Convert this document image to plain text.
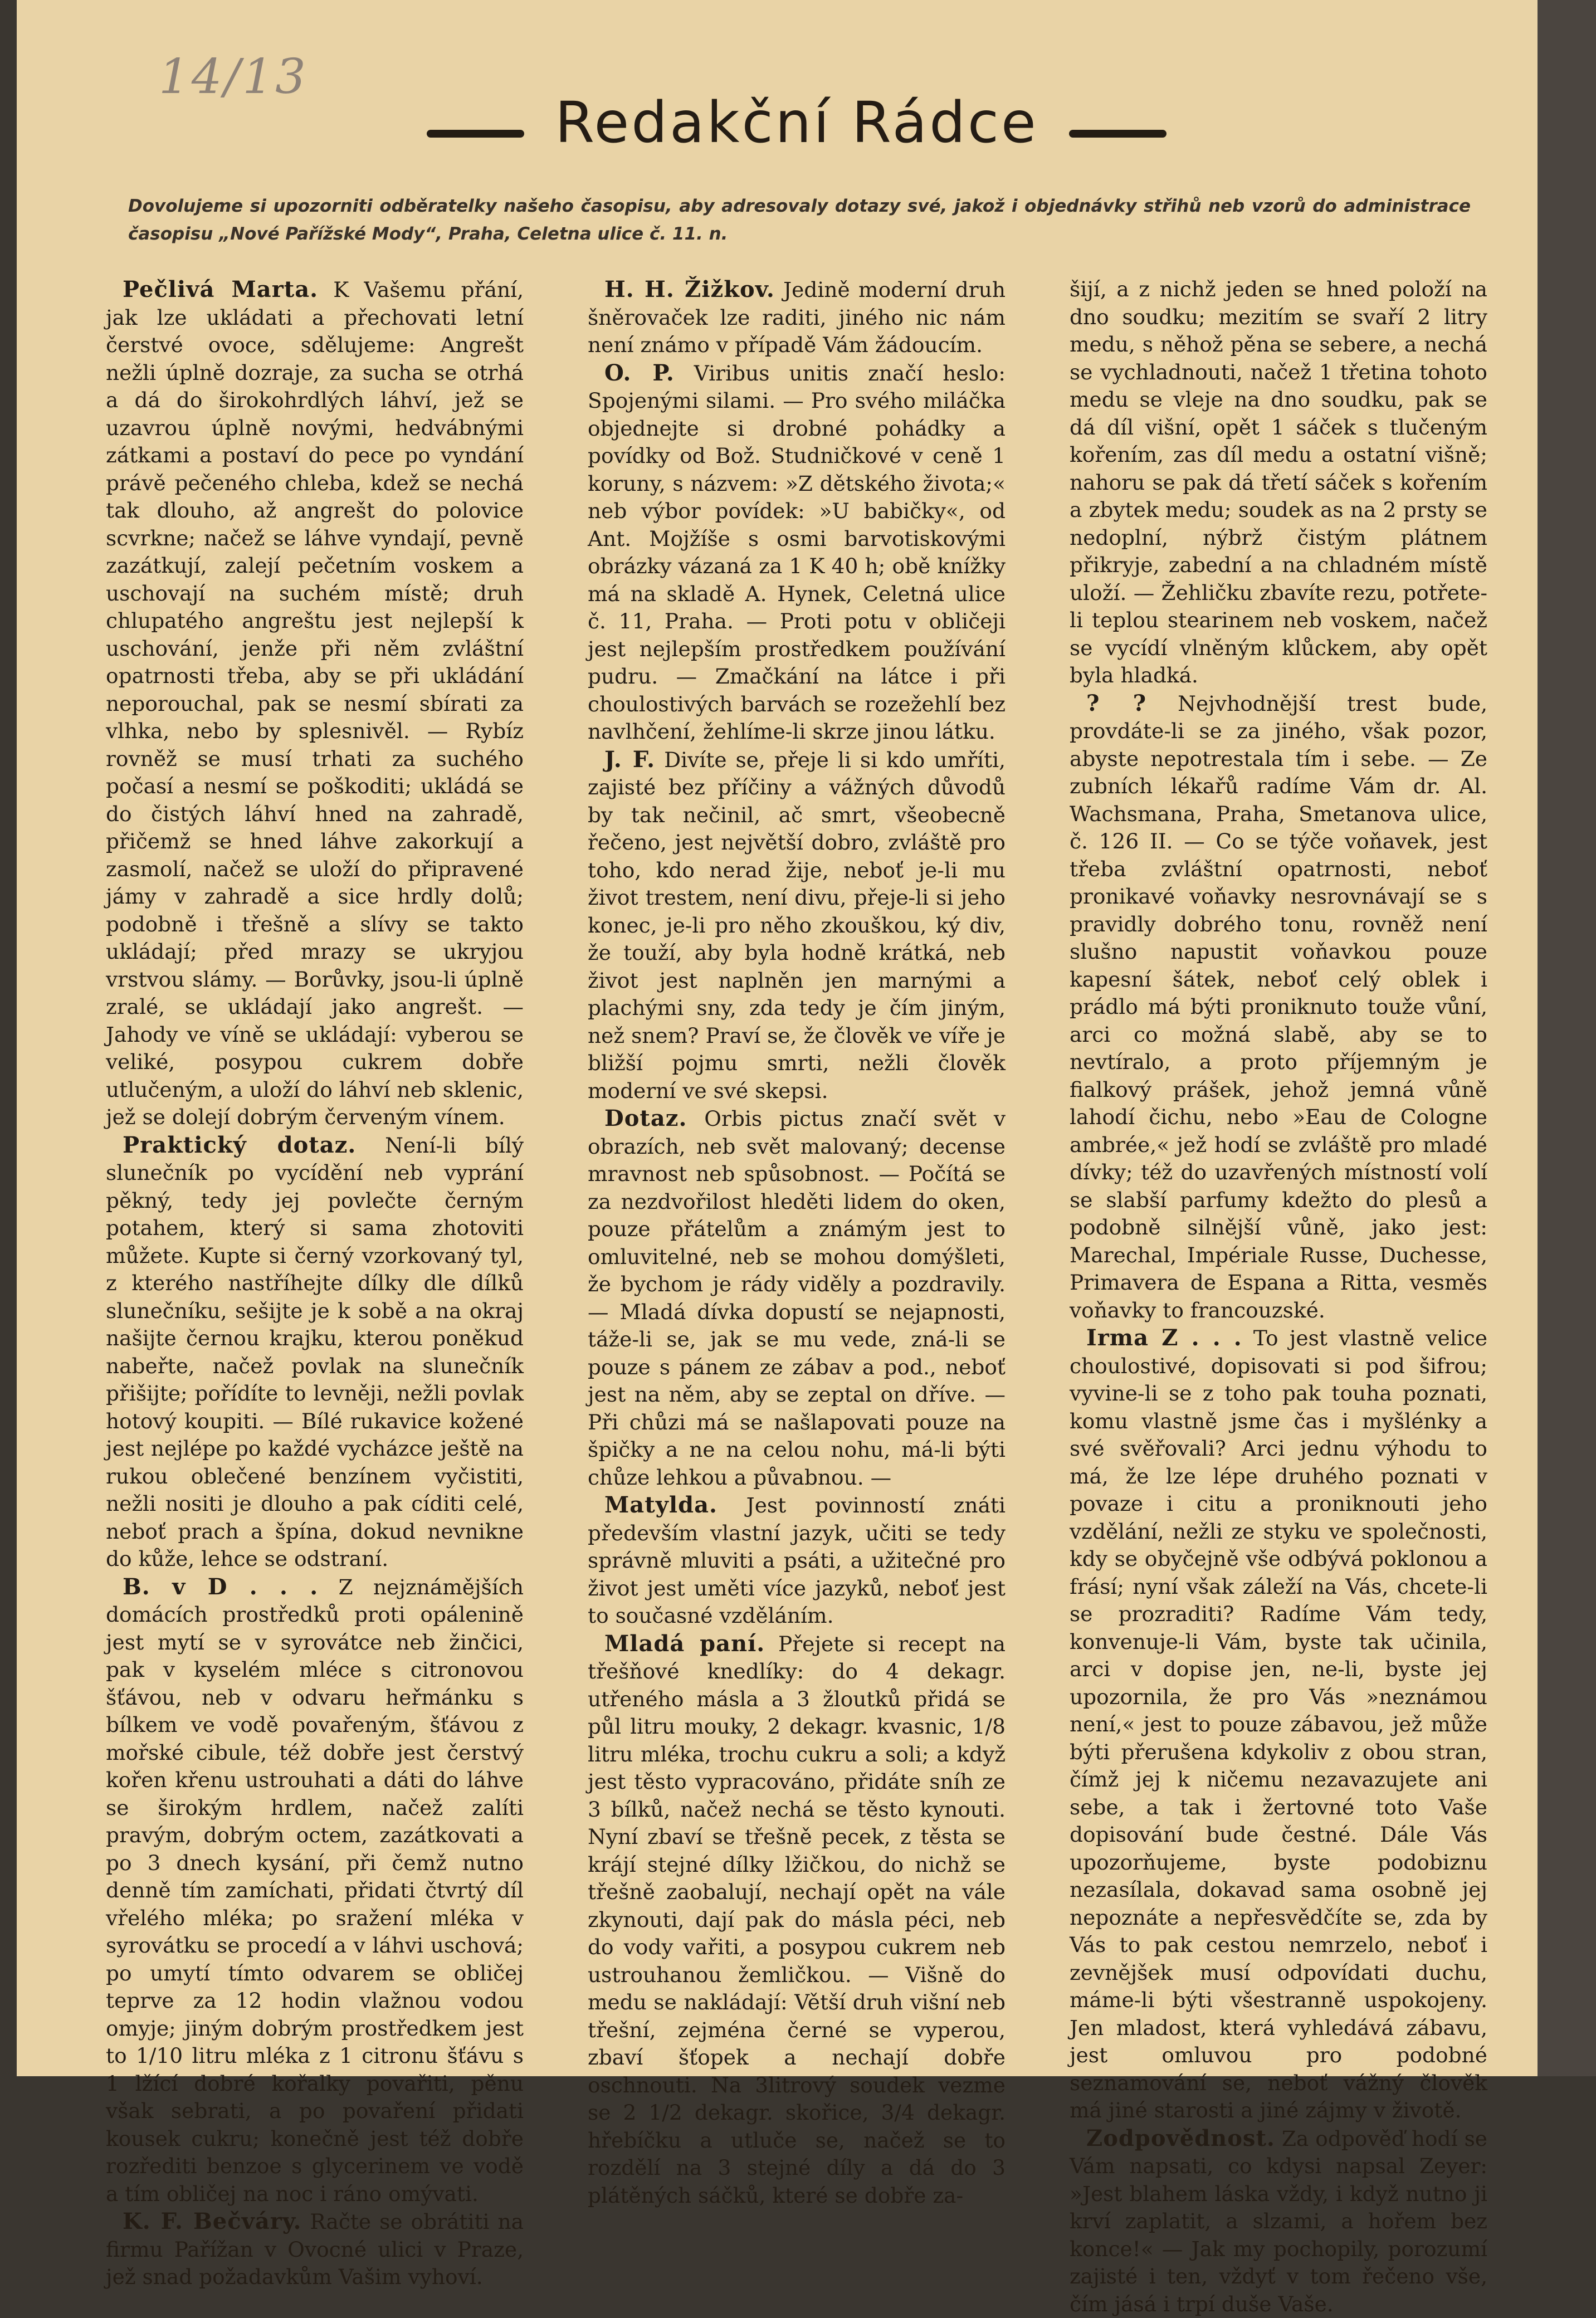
14/13
Redakční Rádce
Dovolujeme si upozorniti odběratelky našeho časopisu, aby adresovaly dotazy své, jakož i objednávky střihů neb vzorů do administrace časopisu „Nové Pařížské Mody“, Praha, Celetna ulice č. 11. n.

Pečlivá Marta. K Vašemu přání, jak lze ukládati a přechovati letní čerstvé ovoce, sdělujeme: Angrešt nežli úplně dozraje, za sucha se otrhá a dá do širokohrdlých láhví, jež se uzavrou úplně novými, hedvábnými zátkami a postaví do pece po vyndání právě pečeného chleba, kdež se nechá tak dlouho, až angrešt do polovice scvrkne; načež se láhve vyndají, pevně zazátkují, zalejí pečetním voskem a uschovají na suchém místě; druh chlupatého angreštu jest nejlepší k uschování, jenže při něm zvláštní opatrnosti třeba, aby se při ukládání neporouchal, pak se nesmí sbírati za vlhka, nebo by splesnivěl. — Rybíz rovněž se musí trhati za suchého počasí a nesmí se poškoditi; ukládá se do čistých láhví hned na zahradě, přičemž se hned láhve zakorkují a zasmolí, načež se uloží do připravené jámy v zahradě a sice hrdly dolů; podobně i třešně a slívy se takto ukládají; před mrazy se ukryjou vrstvou slámy. — Borůvky, jsou-li úplně zralé, se ukládají jako angrešt. — Jahody ve víně se ukládají: vyberou se veliké, posypou cukrem dobře utlučeným, a uloží do láhví neb sklenic, jež se dolejí dobrým červeným vínem.

Praktický dotaz. Není-li bílý slunečník po vycídění neb vyprání pěkný, tedy jej povlečte černým potahem, který si sama zhotoviti můžete. Kupte si černý vzorkovaný tyl, z kterého nastříhejte dílky dle dílků slunečníku, sešijte je k sobě a na okraj našijte černou krajku, kterou poněkud nabeřte, načež povlak na slunečník přišijte; pořídíte to levněji, nežli povlak hotový koupiti. — Bílé rukavice kožené jest nejlépe po každé vycházce ještě na rukou oblečené benzínem vyčistiti, nežli nositi je dlouho a pak cíditi celé, neboť prach a špína, dokud nevnikne do kůže, lehce se odstraní.

B. v D . . . Z nejznámějších domácích prostředků proti opálenině jest mytí se v syrovátce neb žinčici, pak v kyselém mléce s citronovou šťávou, neb v odvaru heřmánku s bílkem ve vodě povařeným, šťávou z mořské cibule, též dobře jest čerstvý kořen křenu ustrouhati a dáti do láhve se širokým hrdlem, načež zalíti pravým, dobrým octem, zazátkovati a po 3 dnech kysání, při čemž nutno denně tím zamíchati, přidati čtvrtý díl vřelého mléka; po sražení mléka v syrovátku se procedí a v láhvi uschová; po umytí tímto odvarem se obličej teprve za 12 hodin vlažnou vodou omyje; jiným dobrým prostředkem jest to 1/10 litru mléka z 1 citronu šťávu s 1 lžící dobré kořalky povařiti, pěnu však sebrati, a po povaření přidati kousek cukru; konečně jest též dobře rozřediti benzoe s glycerinem ve vodě a tím obličej na noc i ráno omývati.

K. F. Bečváry. Račte se obrátiti na firmu Pařížan v Ovocné ulici v Praze, jež snad požadavkům Vašim vyhoví.

H. H. Žižkov. Jedině moderní druh šněrovaček lze raditi, jiného nic nám není známo v případě Vám žádoucím.

O. P. Viribus unitis značí heslo: Spojenými silami. — Pro svého miláčka objednejte si drobné pohádky a povídky od Bož. Studničkové v ceně 1 koruny, s názvem: »Z dětského života;« neb výbor povídek: »U babičky«, od Ant. Mojžíše s osmi barvotiskovými obrázky vázaná za 1 K 40 h; obě knížky má na skladě A. Hynek, Celetná ulice č. 11, Praha. — Proti potu v obličeji jest nejlepším prostředkem používání pudru. — Zmačkání na látce i při choulostivých barvách se rozežehlí bez navlhčení, žehlíme-li skrze jinou látku.

J. F. Divíte se, přeje li si kdo umříti, zajisté bez příčiny a vážných důvodů by tak nečinil, ač smrt, všeobecně řečeno, jest největší dobro, zvláště pro toho, kdo nerad žije, neboť je-li mu život trestem, není divu, přeje-li si jeho konec, je-li pro něho zkouškou, ký div, že touží, aby byla hodně krátká, neb život jest naplněn jen marnými a plachými sny, zda tedy je čím jiným, než snem? Praví se, že člověk ve víře je bližší pojmu smrti, nežli člověk moderní ve své skepsi.

Dotaz. Orbis pictus značí svět v obrazích, neb svět malovaný; decense mravnost neb spůsobnost. — Počítá se za nezdvořilost hleděti lidem do oken, pouze přátelům a známým jest to omluvitelné, neb se mohou domýšleti, že bychom je rády viděly a pozdravily. — Mladá dívka dopustí se nejapnosti, táže-li se, jak se mu vede, zná-li se pouze s pánem ze zábav a pod., neboť jest na něm, aby se zeptal on dříve. — Při chůzi má se našlapovati pouze na špičky a ne na celou nohu, má-li býti chůze lehkou a půvabnou. —

Matylda. Jest povinností znáti především vlastní jazyk, učiti se tedy správně mluviti a psáti, a užitečné pro život jest uměti více jazyků, neboť jest to současné vzděláním.

Mladá paní. Přejete si recept na třešňové knedlíky: do 4 dekagr. utřeného másla a 3 žloutků přidá se půl litru mouky, 2 dekagr. kvasnic, 1/8 litru mléka, trochu cukru a soli; a když jest těsto vypracováno, přidáte sníh ze 3 bílků, načež nechá se těsto kynouti. Nyní zbaví se třešně pecek, z těsta se krájí stejné dílky lžičkou, do nichž se třešně zaobalují, nechají opět na vále zkynouti, dají pak do másla péci, neb do vody vařiti, a posypou cukrem neb ustrouhanou žemličkou. — Višně do medu se nakládají: Větší druh višní neb třešní, zejména černé se vyperou, zbaví šťopek a nechají dobře oschnouti. Na 3litrový soudek vezme se 2 1/2 dekagr. skořice, 3/4 dekagr. hřebíčku a utluče se, načež se to rozdělí na 3 stejné díly a dá do 3 plátěných sáčků, které se dobře za-

šijí, a z nichž jeden se hned položí na dno soudku; mezitím se svaří 2 litry medu, s něhož pěna se sebere, a nechá se vychladnouti, načež 1 třetina tohoto medu se vleje na dno soudku, pak se dá díl višní, opět 1 sáček s tlučeným kořením, zas díl medu a ostatní višně; nahoru se pak dá třetí sáček s kořením a zbytek medu; soudek as na 2 prsty se nedoplní, nýbrž čistým plátnem přikryje, zabední a na chladném místě uloží. — Žehličku zbavíte rezu, potřete-li teplou stearinem neb voskem, načež se vycídí vlněným klůckem, aby opět byla hladká.

? ? Nejvhodnější trest bude, provdáte-li se za jiného, však pozor, abyste nepotrestala tím i sebe. — Ze zubních lékařů radíme Vám dr. Al. Wachsmana, Praha, Smetanova ulice, č. 126 II. — Co se týče voňavek, jest třeba zvláštní opatrnosti, neboť pronikavé voňavky nesrovnávají se s pravidly dobrého tonu, rovněž není slušno napustit voňavkou pouze kapesní šátek, neboť celý oblek i prádlo má býti proniknuto touže vůní, arci co možná slabě, aby se to nevtíralo, a proto příjemným je fialkový prášek, jehož jemná vůně lahodí čichu, nebo »Eau de Cologne ambrée,« jež hodí se zvláště pro mladé dívky; též do uzavřených místností volí se slabší parfumy kdežto do plesů a podobně silnější vůně, jako jest: Marechal, Impériale Russe, Duchesse, Primavera de Espana a Ritta, vesměs voňavky to francouzské.

Irma Z . . . To jest vlastně velice choulostivé, dopisovati si pod šifrou; vyvine-li se z toho pak touha poznati, komu vlastně jsme čas i myšlénky a své svěřovali? Arci jednu výhodu to má, že lze lépe druhého poznati v povaze i citu a proniknouti jeho vzdělání, nežli ze styku ve společnosti, kdy se obyčejně vše odbývá poklonou a frásí; nyní však záleží na Vás, chcete-li se prozraditi? Radíme Vám tedy, konvenuje-li Vám, byste tak učinila, arci v dopise jen, ne-li, byste jej upozornila, že pro Vás »neznámou není,« jest to pouze zábavou, jež může býti přerušena kdykoliv z obou stran, čímž jej k ničemu nezavazujete ani sebe, a tak i žertovné toto Vaše dopisování bude čestné. Dále Vás upozorňujeme, byste podobiznu nezasílala, dokavad sama osobně jej nepoznáte a nepřesvědčíte se, zda by Vás to pak cestou nemrzelo, neboť i zevnějšek musí odpovídati duchu, máme-li býti všestranně uspokojeny. Jen mladost, která vyhledává zábavu, jest omluvou pro podobné seznamování se, neboť vážný člověk má jiné starosti a jiné zájmy v životě.

Zodpovědnost. Za odpověď hodí se Vám napsati, co kdysi napsal Zeyer: »Jest blahem láska vždy, i když nutno ji krví zaplatit, a slzami, a hořem bez konce!« — Jak my pochopily, porozumí zajisté i ten, vždyť v tom řečeno vše, čím jásá i trpí duše Vaše.
